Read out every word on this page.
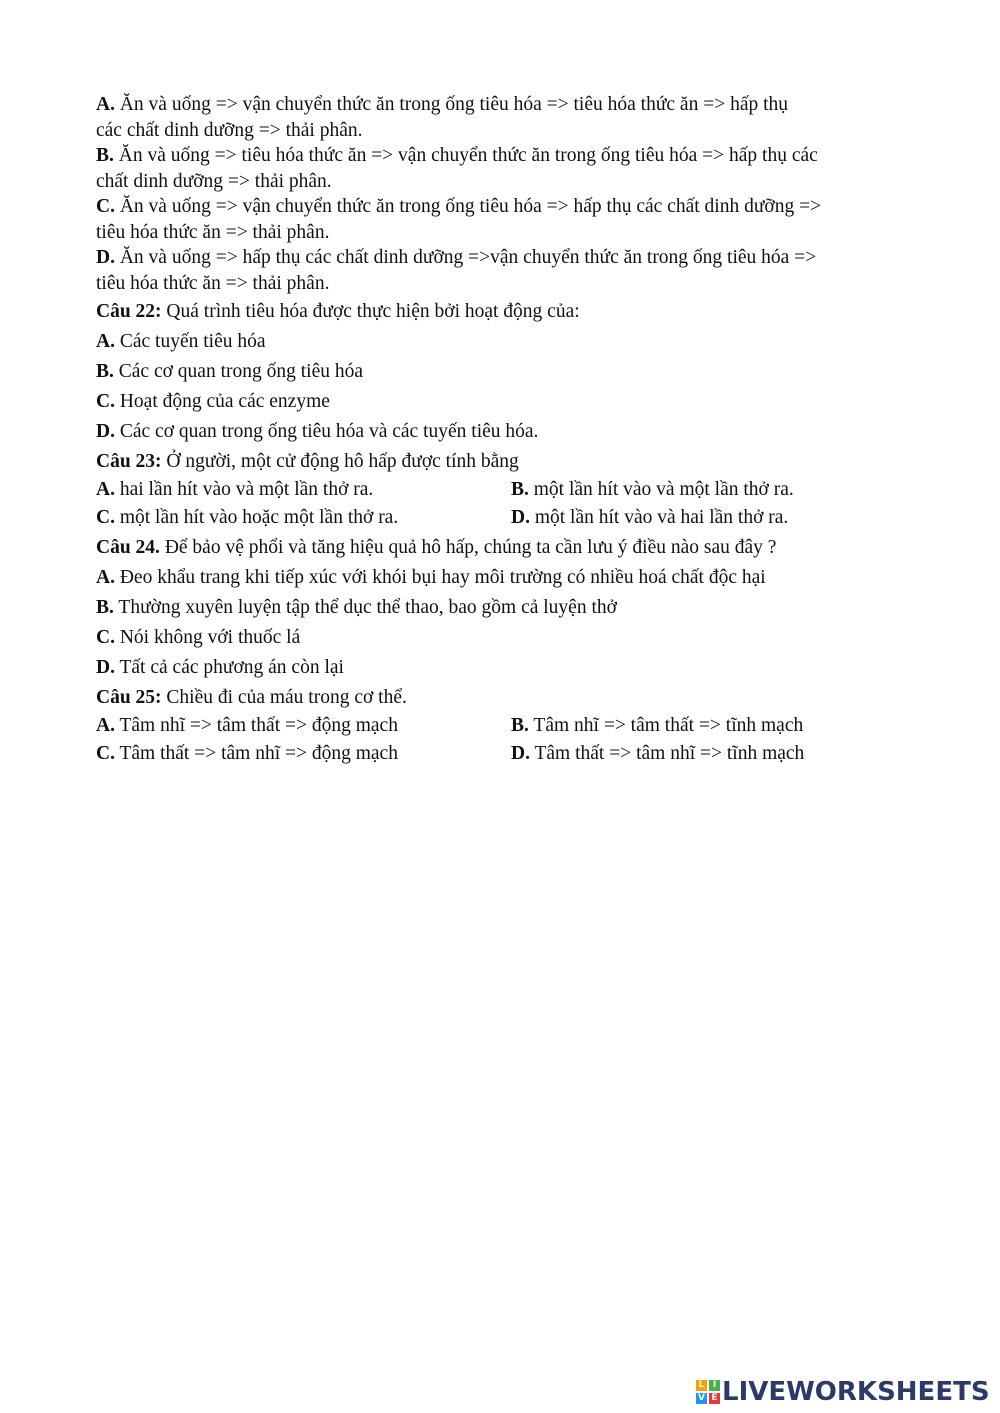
A. Ăn và uống => vận chuyển thức ăn trong ống tiêu hóa => tiêu hóa thức ăn => hấp thụ
các chất dinh dưỡng => thải phân.
B. Ăn và uống => tiêu hóa thức ăn => vận chuyển thức ăn trong ống tiêu hóa => hấp thụ các
chất dinh dưỡng => thải phân.
C. Ăn và uống => vận chuyển thức ăn trong ống tiêu hóa => hấp thụ các chất dinh dưỡng =>
tiêu hóa thức ăn => thải phân.
D. Ăn và uống => hấp thụ các chất dinh dưỡng =>vận chuyển thức ăn trong ống tiêu hóa =>
tiêu hóa thức ăn => thải phân.
Câu 22: Quá trình tiêu hóa được thực hiện bởi hoạt động của:
A. Các tuyến tiêu hóa
B. Các cơ quan trong ống tiêu hóa
C. Hoạt động của các enzyme
D. Các cơ quan trong ống tiêu hóa và các tuyến tiêu hóa.
Câu 23: Ở người, một cử động hô hấp được tính bằng
A. hai lần hít vào và một lần thở ra.	B. một lần hít vào và một lần thở ra.
C. một lần hít vào hoặc một lần thở ra.	D. một lần hít vào và hai lần thở ra.
Câu 24. Để bảo vệ phổi và tăng hiệu quả hô hấp, chúng ta cần lưu ý điều nào sau đây ?
A. Đeo khẩu trang khi tiếp xúc với khói bụi hay môi trường có nhiều hoá chất độc hại
B. Thường xuyên luyện tập thể dục thể thao, bao gồm cả luyện thở
C. Nói không với thuốc lá
D. Tất cả các phương án còn lại
Câu 25: Chiều đi của máu trong cơ thể.
A. Tâm nhĩ => tâm thất => động mạch	B. Tâm nhĩ => tâm thất => tĩnh mạch
C. Tâm thất => tâm nhĩ => động mạch	D. Tâm thất => tâm nhĩ => tĩnh mạch
L I
V E LIVEWORKSHEETS
